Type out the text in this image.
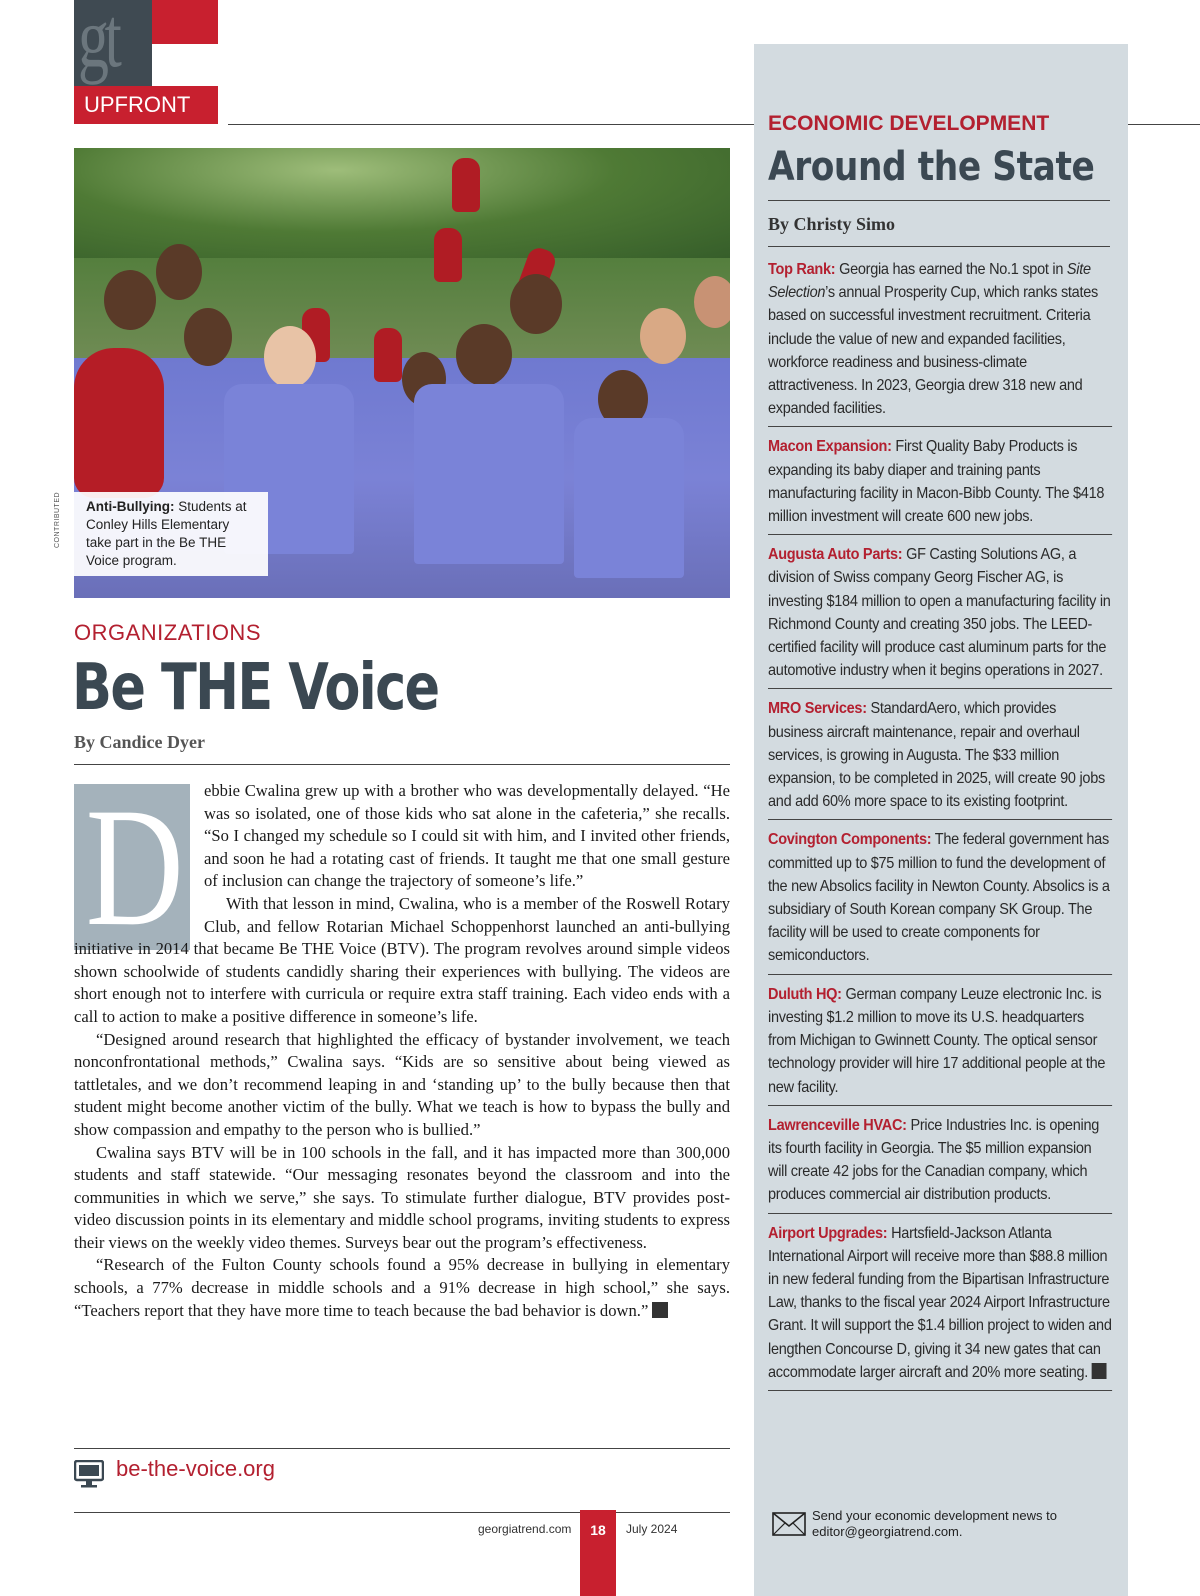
gt
UPFRONT
Anti-Bullying: Students at Conley Hills Elementary take part in the Be THE Voice program.
CONTRIBUTED
ORGANIZATIONS
Be THE Voice
By Candice Dyer
D	ebbie Cwalina grew up with a brother who was developmentally delayed. “He was so isolated, one of those kids who sat alone in the cafeteria,” she recalls. “So I changed my schedule so I could sit with him, and I invited other friends, and soon he had a rotating cast of friends. It taught me that one small gesture of inclusion can change the trajectory of someone’s life.”

With that lesson in mind, Cwalina, who is a member of the Roswell Rotary Club, and fellow Rotarian Michael Schoppenhorst launched an anti-bullying initiative in 2014 that became Be THE Voice (BTV). The program revolves around simple videos shown schoolwide of students candidly sharing their experiences with bullying. The videos are short enough not to interfere with curricula or require extra staff training. Each video ends with a call to action to make a positive difference in someone’s life.

“Designed around research that highlighted the efficacy of bystander involvement, we teach nonconfrontational methods,” Cwalina says. “Kids are so sensitive about being viewed as tattletales, and we don’t recommend leaping in and ‘standing up’ to the bully because then that student might become another victim of the bully. What we teach is how to bypass the bully and show compassion and empathy to the person who is bullied.”

Cwalina says BTV will be in 100 schools in the fall, and it has impacted more than 300,000 students and staff statewide. “Our messaging resonates beyond the classroom and into the communities in which we serve,” she says. To stimulate further dialogue, BTV provides post-video discussion points in its elementary and middle school programs, inviting students to express their views on the weekly video themes. Surveys bear out the program’s effectiveness.

“Research of the Fulton County schools found a 95% decrease in bullying in elementary schools, a 77% decrease in middle schools and a 91% decrease in high school,” she says. “Teachers report that they have more time to teach because the bad behavior is down.”

be-the-voice.org
georgiatrend.com	18	July 2024
ECONOMIC DEVELOPMENT
Around the State
By Christy Simo
Top Rank: Georgia has earned the No.1 spot in Site Selection’s annual Prosperity Cup, which ranks states based on successful investment recruitment. Criteria include the value of new and expanded facilities, workforce readiness and business-climate attractiveness. In 2023, Georgia drew 318 new and expanded facilities.
Macon Expansion: First Quality Baby Products is expanding its baby diaper and training pants manufacturing facility in Macon-Bibb County. The $418 million investment will create 600 new jobs.
Augusta Auto Parts: GF Casting Solutions AG, a division of Swiss company Georg Fischer AG, is investing $184 million to open a manufacturing facility in Richmond County and creating 350 jobs. The LEED-certified facility will produce cast aluminum parts for the automotive industry when it begins operations in 2027.
MRO Services: StandardAero, which provides business aircraft maintenance, repair and overhaul services, is growing in Augusta. The $33 million expansion, to be completed in 2025, will create 90 jobs and add 60% more space to its existing footprint.
Covington Components: The federal government has committed up to $75 million to fund the development of the new Absolics facility in Newton County. Absolics is a subsidiary of South Korean company SK Group. The facility will be used to create components for semiconductors.
Duluth HQ: German company Leuze electronic Inc. is investing $1.2 million to move its U.S. headquarters from Michigan to Gwinnett County. The optical sensor technology provider will hire 17 additional people at the new facility.
Lawrenceville HVAC: Price Industries Inc. is opening its fourth facility in Georgia. The $5 million expansion will create 42 jobs for the Canadian company, which produces commercial air distribution products.
Airport Upgrades: Hartsfield-Jackson Atlanta International Airport will receive more than $88.8 million in new federal funding from the Bipartisan Infrastructure Law, thanks to the fiscal year 2024 Airport Infrastructure Grant. It will support the $1.4 billion project to widen and lengthen Concourse D, giving it 34 new gates that can accommodate larger aircraft and 20% more seating.
Send your economic development news to
editor@georgiatrend.com.
